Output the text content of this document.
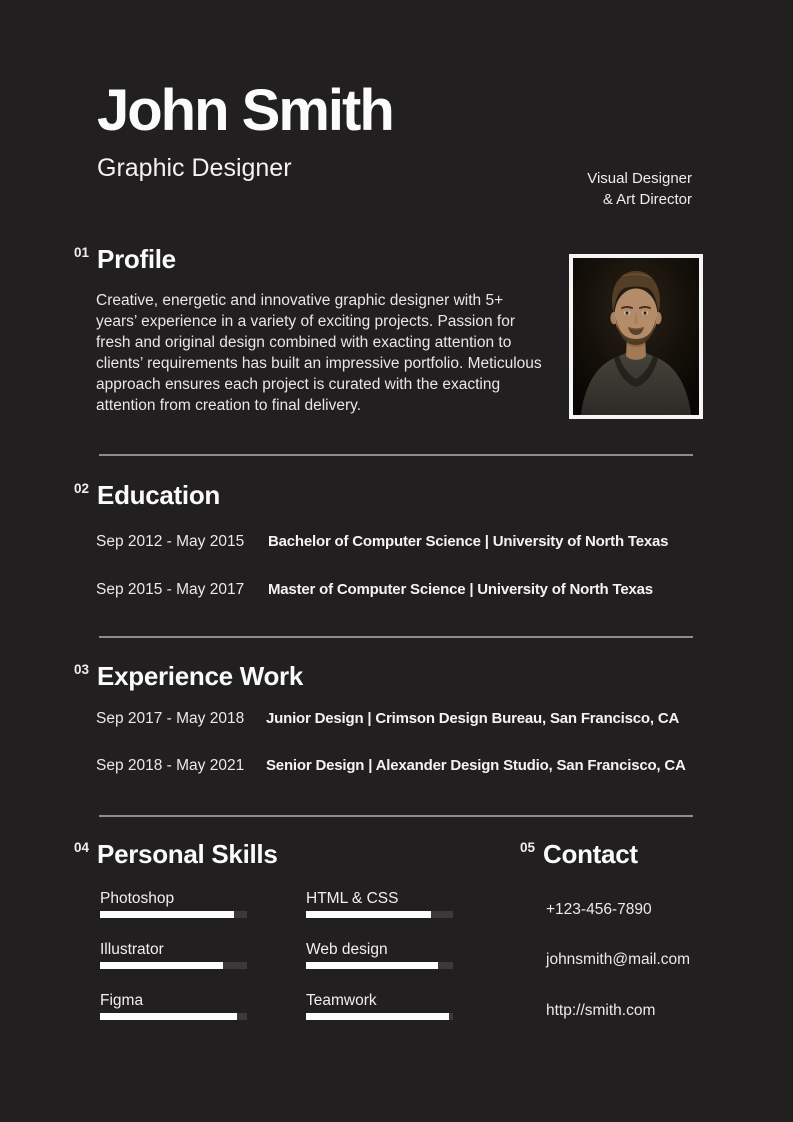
John Smith
Graphic Designer	Visual Designer
& Art Director
01 Profile
Creative, energetic and innovative graphic designer with 5+ years’ experience in a variety of exciting projects. Passion for fresh and original design combined with exacting attention to clients’ requirements has built an impressive portfolio. Meticulous approach ensures each project is curated with the exacting attention from creation to final delivery.
02 Education
Sep 2012 - May 2015 Bachelor of Computer Science | University of North Texas
Sep 2015 - May 2017 Master of Computer Science | University of North Texas
03 Experience Work
Sep 2017 - May 2018 Junior Design | Crimson Design Bureau, San Francisco, CA
Sep 2018 - May 2021 Senior Design | Alexander Design Studio, San Francisco, CA
04 Personal Skills
Photoshop
Illustrator
Figma
HTML & CSS
Web design
Teamwork
05 Contact
+123-456-7890
johnsmith@mail.com
http://smith.com
